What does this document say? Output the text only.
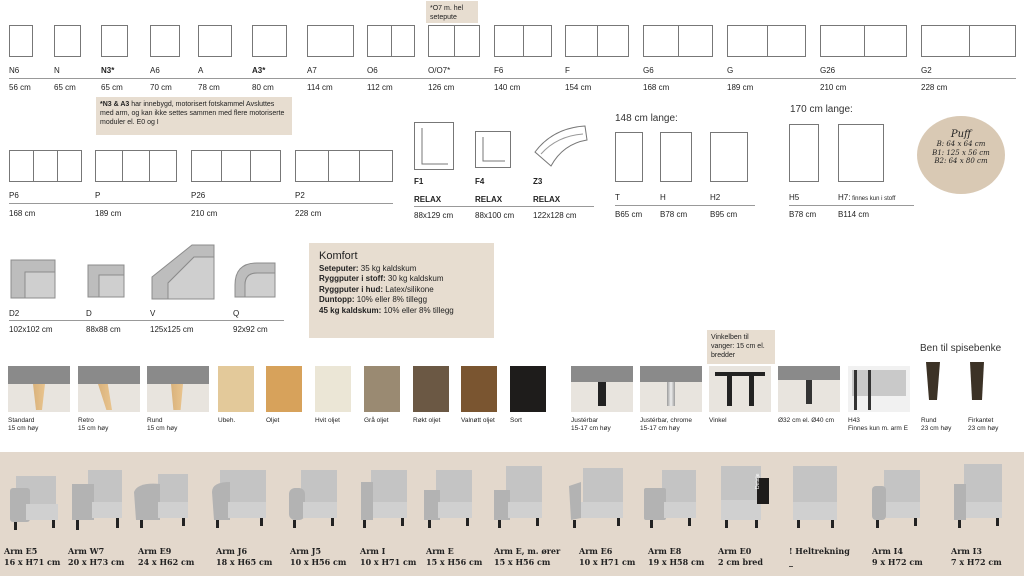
N6	N	N3*	A6	A	A3*	A7	O6	O/O7*	F6	F	G6	G	G26	G2
56 cm	65 cm	65 cm	70 cm	78 cm	80 cm	114 cm	112 cm	126 cm	140 cm	154 cm	168 cm	189 cm	210 cm	228 cm
*O7 m. hel setepute
*N3 & A3 har innebygd, motorisert fotskammel Avsluttes med arm, og kan ikke settes sammen med flere motoriserte moduler el. E0 og I
P6	P	P26	P2
168 cm	189 cm	210 cm	228 cm
F1	F4	Z3
RELAX	RELAX	RELAX
88x129 cm	88x100 cm 122x128 cm
148 cm lange:
T	H	H2
B65 cm B78 cm	B95 cm
170 cm lange:
H5	H7: finnes kun i stoff
B78 cm	B114 cm
Puff
B: 64 x 64 cm
B1: 125 x 56 cm
B2: 64 x 80 cm
D2	D	V	Q
102x102 cm	88x88 cm	125x125 cm	92x92 cm
Komfort
Seteputer: 35 kg kaldskum
Ryggputer i stoff: 30 kg kaldskum
Ryggputer i hud: Latex/silikone
Duntopp: 10% eller 8% tillegg
45 kg kaldskum: 10% eller 8% tillegg
Standard
15 cm høy
Retro
15 cm høy
Rund
15 cm høy
Ubeh.	Oljet	Hvit oljet	Grå oljet	Røkt oljet	Valnøtt oljet Sort	Justérbar
15-17 cm høy
Justérbar, chrome
15-17 cm høy
Vinkel	Ø32 cm el. Ø40 cm H43
Finnes kun m. arm E
Vinkelben til vanger: 15 cm el. bredder
Ben til spisebenke
Rund
23 cm høy
Firkantet
23 cm høy
Detalje
Arm E5	Arm W7	Arm E9	Arm J6	Arm J5	Arm I	Arm E	Arm E, m. ører Arm E6	Arm E8	Arm E0	! Heltrekning	Arm I4	Arm I3
16 x H71 cm 20 x H73 cm 24 x H62 cm	18 x H65 cm 10 x H56 cm 10 x H71 cm 15 x H56 cm 15 x H56 cm	10 x H71 cm 19 x H58 cm 2 cm bred	_	9 x H72 cm	7 x H72 cm
